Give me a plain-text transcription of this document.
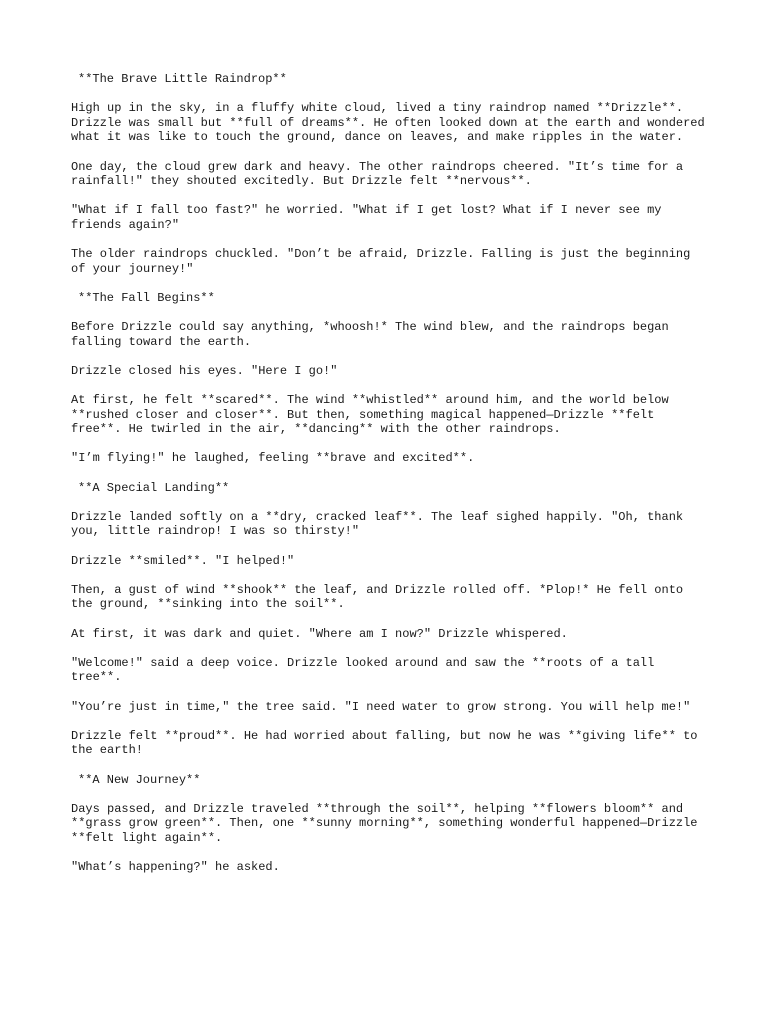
**The Brave Little Raindrop**

High up in the sky, in a fluffy white cloud, lived a tiny raindrop named **Drizzle**. Drizzle was small but **full of dreams**. He often looked down at the earth and wondered what it was like to touch the ground, dance on leaves, and make ripples in the water.

One day, the cloud grew dark and heavy. The other raindrops cheered. "It’s time for a rainfall!" they shouted excitedly. But Drizzle felt **nervous**.

"What if I fall too fast?" he worried. "What if I get lost? What if I never see my friends again?"

The older raindrops chuckled. "Don’t be afraid, Drizzle. Falling is just the beginning of your journey!"

**The Fall Begins**

Before Drizzle could say anything, *whoosh!* The wind blew, and the raindrops began falling toward the earth.

Drizzle closed his eyes. "Here I go!"

At first, he felt **scared**. The wind **whistled** around him, and the world below **rushed closer and closer**. But then, something magical happened—Drizzle **felt free**. He twirled in the air, **dancing** with the other raindrops.

"I’m flying!" he laughed, feeling **brave and excited**.

**A Special Landing**

Drizzle landed softly on a **dry, cracked leaf**. The leaf sighed happily. "Oh, thank you, little raindrop! I was so thirsty!"

Drizzle **smiled**. "I helped!"

Then, a gust of wind **shook** the leaf, and Drizzle rolled off. *Plop!* He fell onto the ground, **sinking into the soil**.

At first, it was dark and quiet. "Where am I now?" Drizzle whispered.

"Welcome!" said a deep voice. Drizzle looked around and saw the **roots of a tall tree**.

"You’re just in time," the tree said. "I need water to grow strong. You will help me!"

Drizzle felt **proud**. He had worried about falling, but now he was **giving life** to the earth!

**A New Journey**

Days passed, and Drizzle traveled **through the soil**, helping **flowers bloom** and **grass grow green**. Then, one **sunny morning**, something wonderful happened—Drizzle **felt light again**.

"What’s happening?" he asked.
